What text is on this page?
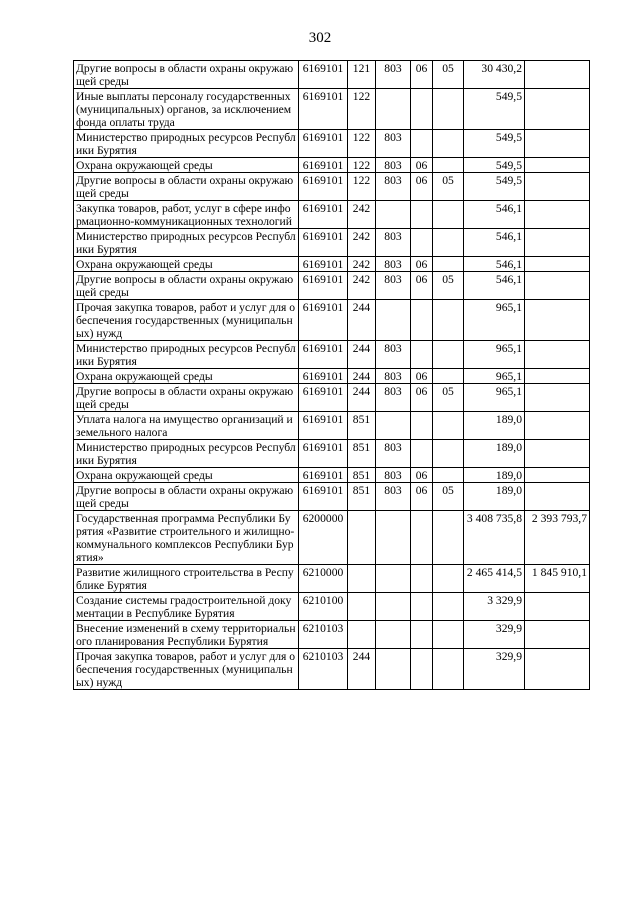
302
Другие вопросы в области охраны окружающей среды	6169101	121	803	06	05	30 430,2	
Иные выплаты персоналу государственных (муниципальных) органов, за исключением фонда оплаты труда	6169101	122				549,5	
Министерство природных ресурсов Республики Бурятия	6169101	122	803			549,5	
Охрана окружающей среды	6169101	122	803	06		549,5	
Другие вопросы в области охраны окружающей среды	6169101	122	803	06	05	549,5	
Закупка товаров, работ, услуг в сфере информационно-коммуникационных технологий	6169101	242				546,1	
Министерство природных ресурсов Республики Бурятия	6169101	242	803			546,1	
Охрана окружающей среды	6169101	242	803	06		546,1	
Другие вопросы в области охраны окружающей среды	6169101	242	803	06	05	546,1	
Прочая закупка товаров, работ и услуг для обеспечения государственных (муниципальных) нужд	6169101	244				965,1	
Министерство природных ресурсов Республики Бурятия	6169101	244	803			965,1	
Охрана окружающей среды	6169101	244	803	06		965,1	
Другие вопросы в области охраны окружающей среды	6169101	244	803	06	05	965,1	
Уплата налога на имущество организаций и земельного налога	6169101	851				189,0	
Министерство природных ресурсов Республики Бурятия	6169101	851	803			189,0	
Охрана окружающей среды	6169101	851	803	06		189,0	
Другие вопросы в области охраны окружающей среды	6169101	851	803	06	05	189,0	
Государственная программа Республики Бурятия «Развитие строительного и жилищно-коммунального комплексов Республики Бурятия»	6200000					3 408 735,8	2 393 793,7
Развитие жилищного строительства в Республике Бурятия	6210000					2 465 414,5	1 845 910,1
Создание системы градостроительной документации в Республике Бурятия	6210100					3 329,9	
Внесение изменений в схему территориального планирования Республики Бурятия	6210103					329,9	
Прочая закупка товаров, работ и услуг для обеспечения государственных (муниципальных) нужд	6210103	244				329,9	
